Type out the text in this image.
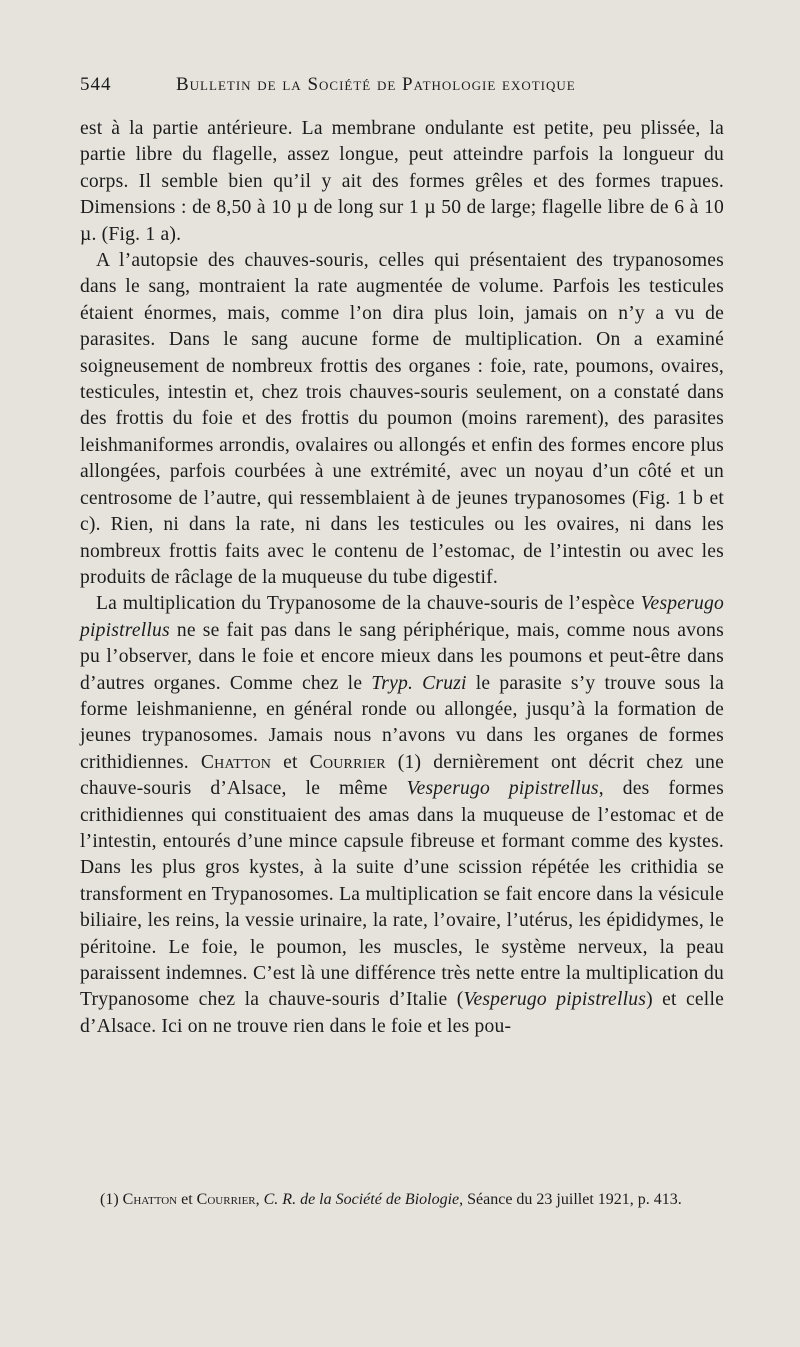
544	Bulletin de la Société de Pathologie exotique

est à la partie antérieure. La membrane ondulante est petite, peu plissée, la partie libre du flagelle, assez longue, peut atteindre parfois la longueur du corps. Il semble bien qu’il y ait des formes grêles et des formes trapues. Dimensions : de 8,50 à 10 µ de long sur 1 µ 50 de large; flagelle libre de 6 à 10 µ. (Fig. 1 a).

A l’autopsie des chauves-souris, celles qui présentaient des trypanosomes dans le sang, montraient la rate augmentée de volume. Parfois les testicules étaient énormes, mais, comme l’on dira plus loin, jamais on n’y a vu de parasites. Dans le sang aucune forme de multiplication. On a examiné soigneusement de nombreux frottis des organes : foie, rate, poumons, ovaires, testicules, intestin et, chez trois chauves-souris seulement, on a constaté dans des frottis du foie et des frottis du poumon (moins rarement), des parasites leishmaniformes arrondis, ovalaires ou allongés et enfin des formes encore plus allongées, parfois courbées à une extrémité, avec un noyau d’un côté et un centrosome de l’autre, qui ressemblaient à de jeunes trypanosomes (Fig. 1 b et c). Rien, ni dans la rate, ni dans les testicules ou les ovaires, ni dans les nombreux frottis faits avec le contenu de l’estomac, de l’intestin ou avec les produits de râclage de la muqueuse du tube digestif.

La multiplication du Trypanosome de la chauve-souris de l’espèce Vesperugo pipistrellus ne se fait pas dans le sang périphérique, mais, comme nous avons pu l’observer, dans le foie et encore mieux dans les poumons et peut-être dans d’autres organes. Comme chez le Tryp. Cruzi le parasite s’y trouve sous la forme leishmanienne, en général ronde ou allongée, jusqu’à la formation de jeunes trypanosomes. Jamais nous n’avons vu dans les organes de formes crithidiennes. Chatton et Courrier (1) dernièrement ont décrit chez une chauve-souris d’Alsace, le même Vesperugo pipistrellus, des formes crithidiennes qui constituaient des amas dans la muqueuse de l’estomac et de l’intestin, entourés d’une mince capsule fibreuse et formant comme des kystes. Dans les plus gros kystes, à la suite d’une scission répétée les crithidia se transforment en Trypanosomes. La multiplication se fait encore dans la vésicule biliaire, les reins, la vessie urinaire, la rate, l’ovaire, l’utérus, les épididymes, le péritoine. Le foie, le poumon, les muscles, le système nerveux, la peau paraissent indemnes. C’est là une différence très nette entre la multiplication du Trypanosome chez la chauve-souris d’Italie (Vesperugo pipistrellus) et celle d’Alsace. Ici on ne trouve rien dans le foie et les pou-

(1) Chatton et Courrier, C. R. de la Société de Biologie, Séance du 23 juillet 1921, p. 413.
